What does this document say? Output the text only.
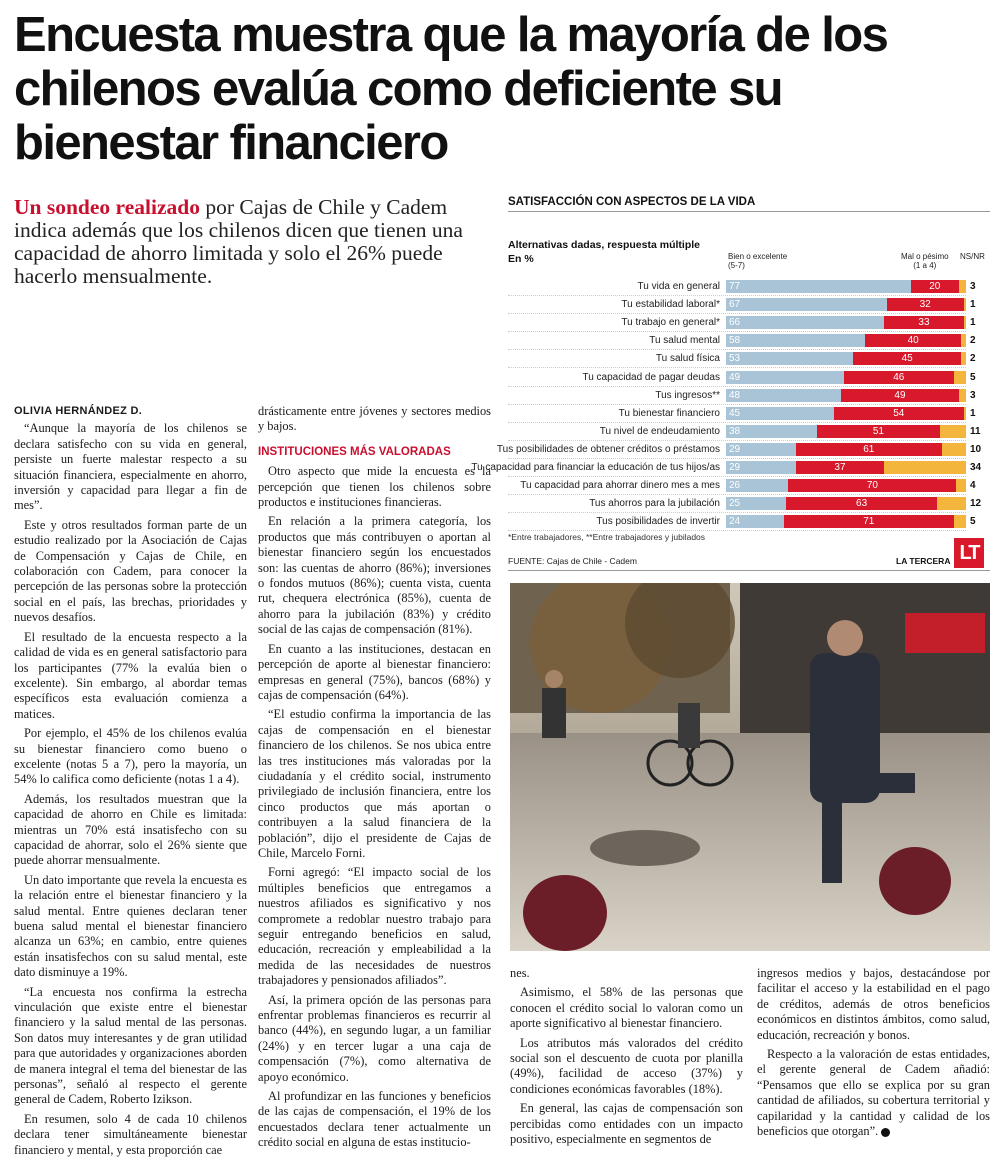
Encuesta muestra que la mayoría de los chilenos evalúa como deficiente su bienestar financiero

Un sondeo realizado por Cajas de Chile y Cadem indica además que los chilenos dicen que tienen una capacidad de ahorro limitada y solo el 26% puede hacerlo mensualmente.

OLIVIA HERNÁNDEZ D.

“Aunque la mayoría de los chilenos se declara satisfecho con su vida en general, persiste un fuerte malestar respecto a su situación financiera, especialmente en ahorro, inversión y capacidad para llegar a fin de mes”.

Este y otros resultados forman parte de un estudio realizado por la Asociación de Cajas de Compensación y Cajas de Chile, en colaboración con Cadem, para conocer la percepción de las personas sobre la protección social en el país, las brechas, prioridades y nuevos desafíos.

El resultado de la encuesta respecto a la calidad de vida es en general satisfactorio para los participantes (77% la evalúa bien o excelente). Sin embargo, al abordar temas específicos esta evaluación comienza a matices.

Por ejemplo, el 45% de los chilenos evalúa su bienestar financiero como bueno o excelente (notas 5 a 7), pero la mayoría, un 54% lo califica como deficiente (notas 1 a 4).

Además, los resultados muestran que la capacidad de ahorro en Chile es limitada: mientras un 70% está insatisfecho con su capacidad de ahorrar, solo el 26% siente que puede ahorrar mensualmente.

Un dato importante que revela la encuesta es la relación entre el bienestar financiero y la salud mental. Entre quienes declaran tener buena salud mental el bienestar financiero alcanza un 63%; en cambio, entre quienes están insatisfechos con su salud mental, este dato disminuye a 19%.

“La encuesta nos confirma la estrecha vinculación que existe entre el bienestar financiero y la salud mental de las personas. Son datos muy interesantes y de gran utilidad para que autoridades y organizaciones aborden de manera integral el tema del bienestar de las personas”, señaló al respecto el gerente general de Cadem, Roberto Izikson.

En resumen, solo 4 de cada 10 chilenos declara tener simultáneamente bienestar financiero y mental, y esta proporción cae

drásticamente entre jóvenes y sectores medios y bajos.

INSTITUCIONES MÁS VALORADAS

Otro aspecto que mide la encuesta es la percepción que tienen los chilenos sobre productos e instituciones financieras.

En relación a la primera categoría, los productos que más contribuyen o aportan al bienestar financiero según los encuestados son: las cuentas de ahorro (86%); inversiones o fondos mutuos (86%); cuenta vista, cuenta rut, chequera electrónica (85%), cuenta de ahorro para la jubilación (83%) y crédito social de las cajas de compensación (81%).

En cuanto a las instituciones, destacan en percepción de aporte al bienestar financiero: empresas en general (75%), bancos (68%) y cajas de compensación (64%).

“El estudio confirma la importancia de las cajas de compensación en el bienestar financiero de los chilenos. Se nos ubica entre las tres instituciones más valoradas por la ciudadanía y el crédito social, instrumento privilegiado de inclusión financiera, entre los cinco productos que más aportan o contribuyen a la salud financiera de la población”, dijo el presidente de Cajas de Chile, Marcelo Forni.

Forni agregó: “El impacto social de los múltiples beneficios que entregamos a nuestros afiliados es significativo y nos compromete a redoblar nuestro trabajo para seguir entregando beneficios en salud, educación, recreación y empleabilidad a la medida de las necesidades de nuestros trabajadores y pensionados afiliados”.

Así, la primera opción de las personas para enfrentar problemas financieros es recurrir al banco (44%), en segundo lugar, a un familiar (24%) y en tercer lugar a una caja de compensación (7%), como alternativa de apoyo económico.

Al profundizar en las funciones y beneficios de las cajas de compensación, el 19% de los encuestados declara tener actualmente un crédito social en alguna de estas institucio-

nes.

Asimismo, el 58% de las personas que conocen el crédito social lo valoran como un aporte significativo al bienestar financiero.

Los atributos más valorados del crédito social son el descuento de cuota por planilla (49%), facilidad de acceso (37%) y condiciones económicas favorables (18%).

En general, las cajas de compensación son percibidas como entidades con un impacto positivo, especialmente en segmentos de

ingresos medios y bajos, destacándose por facilitar el acceso y la estabilidad en el pago de créditos, además de otros beneficios económicos en distintos ámbitos, como salud, educación, recreación y bonos.

Respecto a la valoración de estas entidades, el gerente general de Cadem añadió: “Pensamos que ello se explica por su gran cantidad de afiliados, su cobertura territorial y capilaridad y la cantidad y calidad de los beneficios que otorgan”.

SATISFACCIÓN CON ASPECTOS DE LA VIDA
Alternativas dadas, respuesta múltiple
En %	Bien o excelente
(5-7)
Mal o pésimo
(1 a 4)
NS/NR
Tu vida en general 77	20	3
Tu estabilidad laboral* 67	32	1
Tu trabajo en general* 66	33	1
Tu salud mental 58	40	2
Tu salud física 53	45	2
Tu capacidad de pagar deudas 49	46	5
Tus ingresos** 48	49	3
Tu bienestar financiero 45	54	1
Tu nivel de endeudamiento 38	51	11
Tus posibilidades de obtener créditos o préstamos 29	61	10
Tu capacidad para financiar la educación de tus hijos/as 29	37	34
Tu capacidad para ahorrar dinero mes a mes 26	70	4
Tus ahorros para la jubilación 25	63	12
Tus posibilidades de invertir 24	71	5
*Entre trabajadores, **Entre trabajadores y jubilados
FUENTE: Cajas de Chile - Cadem	LA TERCERA LT
